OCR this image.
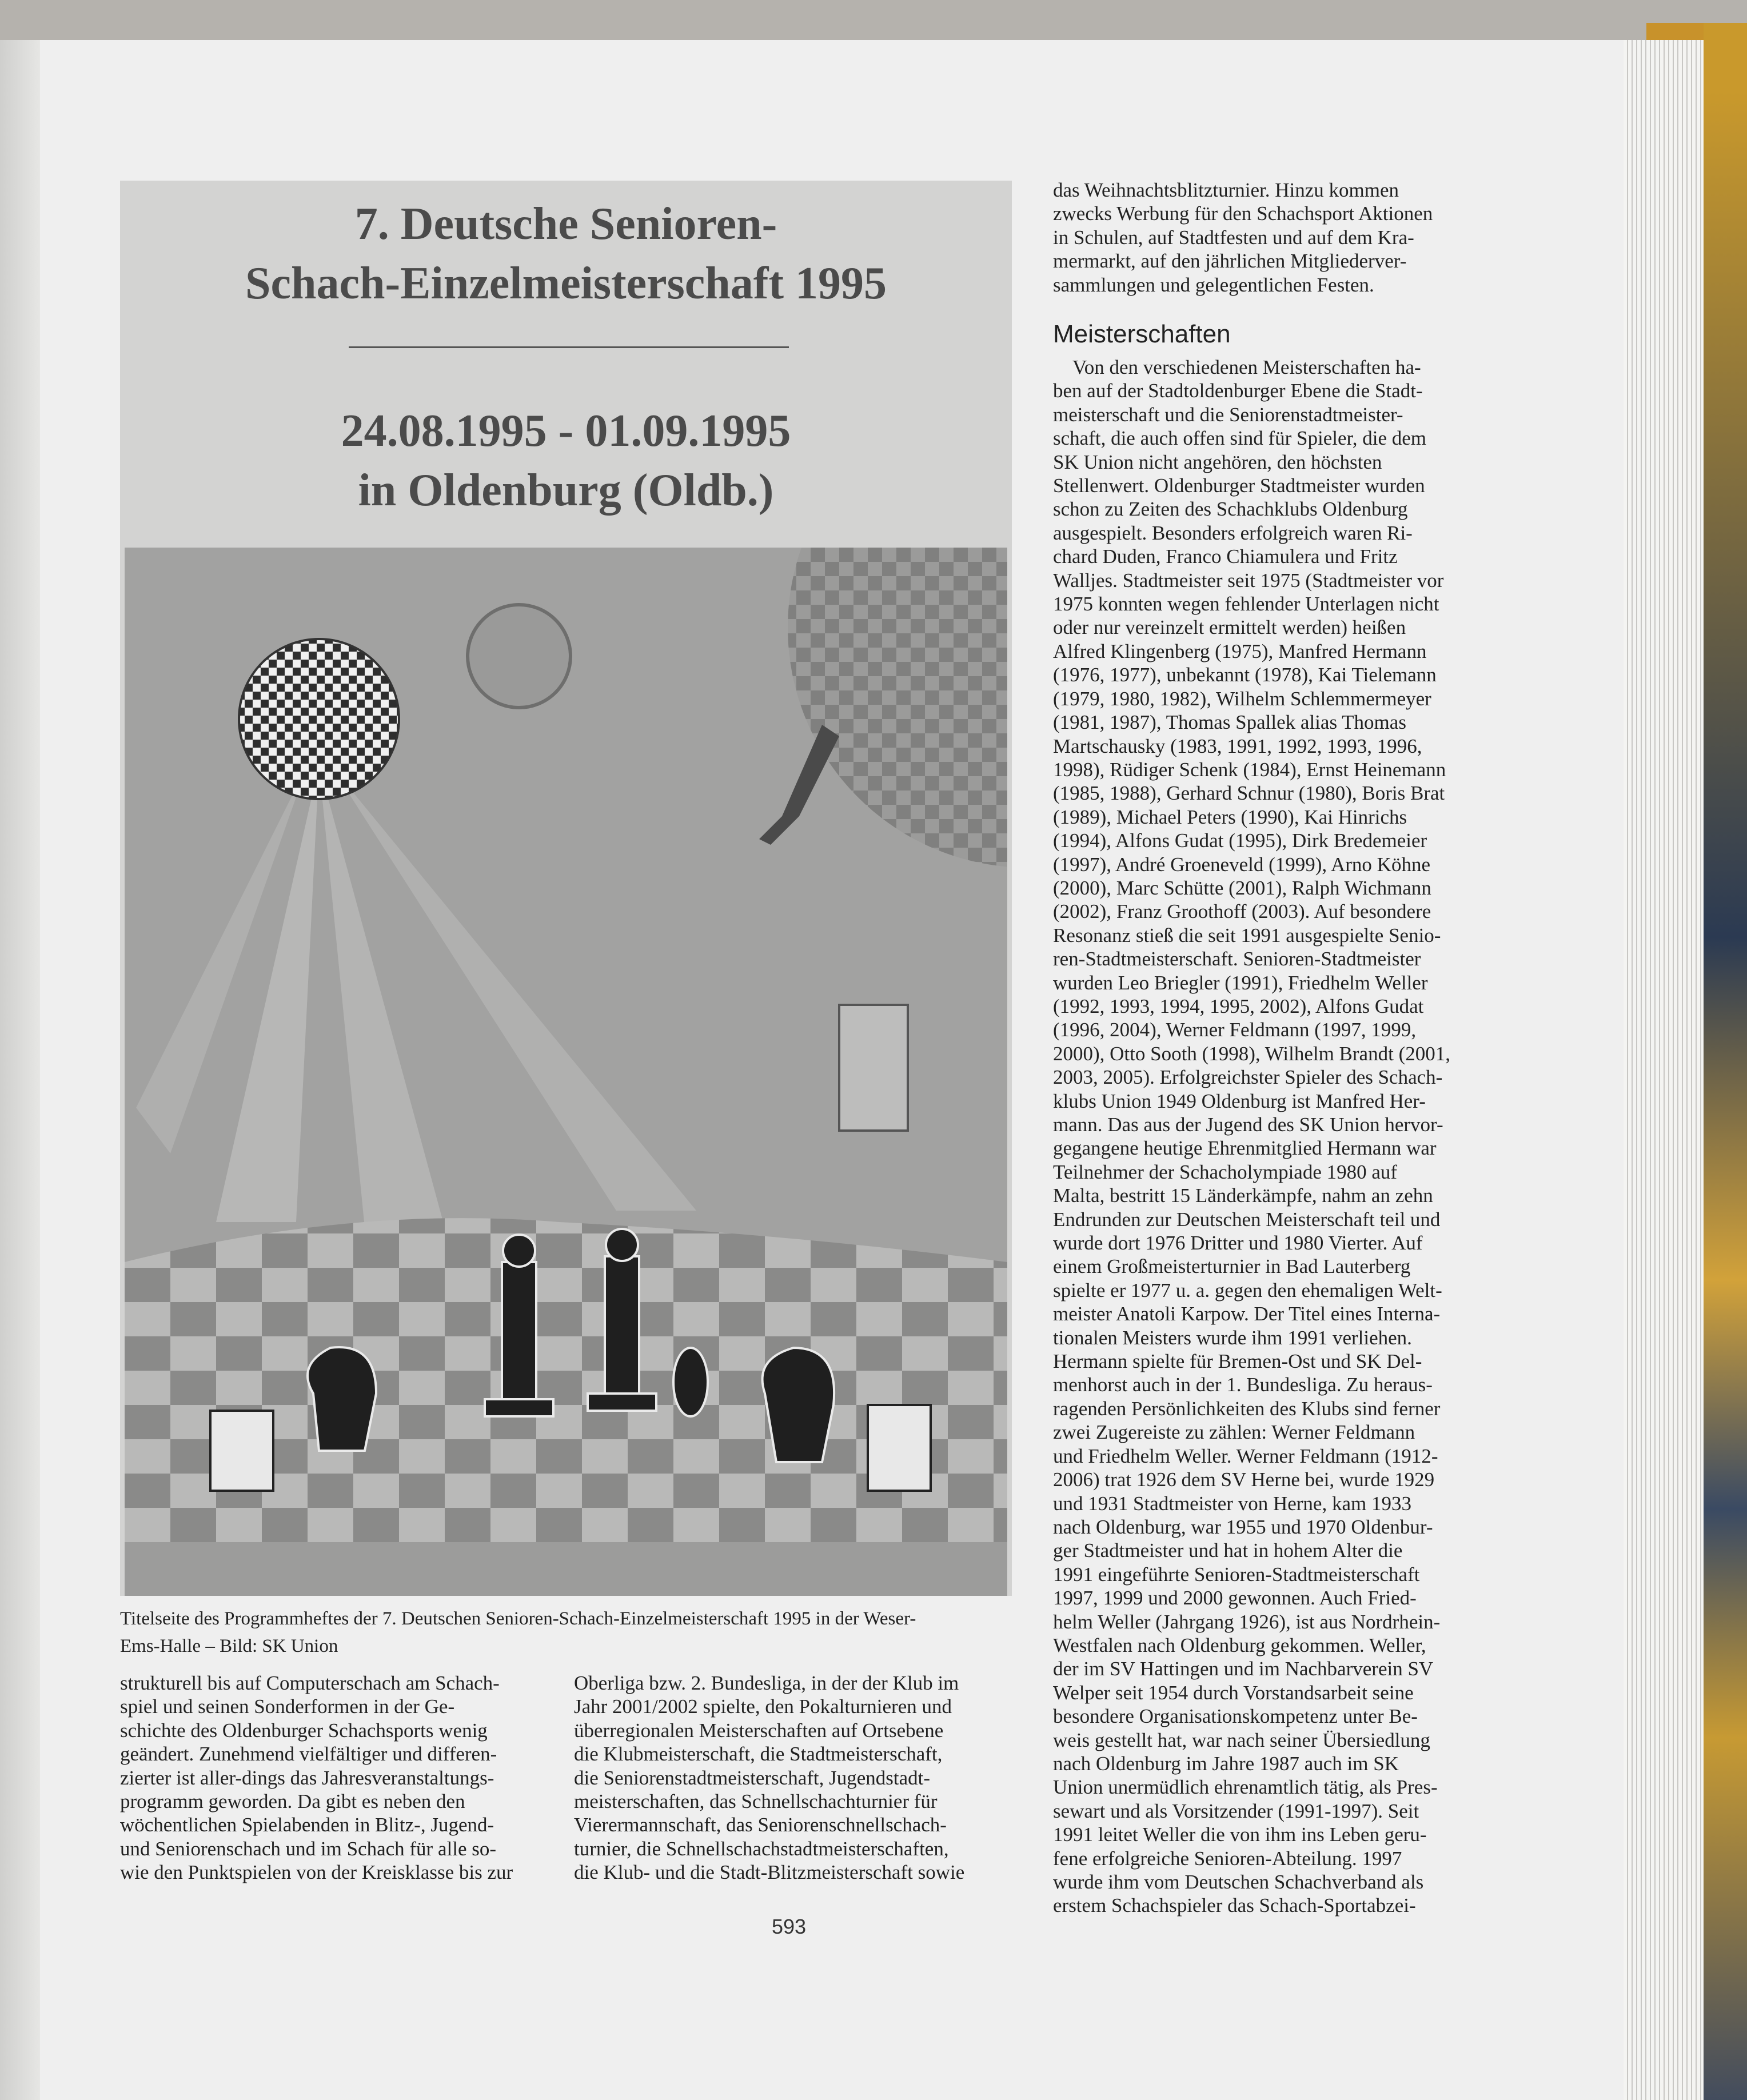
7. Deutsche Senioren-
Schach-Einzelmeisterschaft 1995
24.08.1995 - 01.09.1995
in Oldenburg (Oldb.)
Titelseite des Programmheftes der 7. Deutschen Senioren-Schach-Einzelmeisterschaft 1995 in der Weser-
Ems-Halle – Bild: SK Union
das Weihnachtsblitzturnier. Hinzu kommen
zwecks Werbung für den Schachsport Aktionen
in Schulen, auf Stadtfesten und auf dem Kra-
mermarkt, auf den jährlichen Mitgliederver-
sammlungen und gelegentlichen Festen.
Meisterschaften
Von den verschiedenen Meisterschaften ha-
ben auf der Stadtoldenburger Ebene die Stadt-
meisterschaft und die Seniorenstadtmeister-
schaft, die auch offen sind für Spieler, die dem
SK Union nicht angehören, den höchsten
Stellenwert. Oldenburger Stadtmeister wurden
schon zu Zeiten des Schachklubs Oldenburg
ausgespielt. Besonders erfolgreich waren Ri-
chard Duden, Franco Chiamulera und Fritz
Walljes. Stadtmeister seit 1975 (Stadtmeister vor
1975 konnten wegen fehlender Unterlagen nicht
oder nur vereinzelt ermittelt werden) heißen
Alfred Klingenberg (1975), Manfred Hermann
(1976, 1977), unbekannt (1978), Kai Tielemann
(1979, 1980, 1982), Wilhelm Schlemmermeyer
(1981, 1987), Thomas Spallek alias Thomas
Martschausky (1983, 1991, 1992, 1993, 1996,
1998), Rüdiger Schenk (1984), Ernst Heinemann
(1985, 1988), Gerhard Schnur (1980), Boris Brat
(1989), Michael Peters (1990), Kai Hinrichs
(1994), Alfons Gudat (1995), Dirk Bredemeier
(1997), André Groeneveld (1999), Arno Köhne
(2000), Marc Schütte (2001), Ralph Wichmann
(2002), Franz Groothoff (2003). Auf besondere
Resonanz stieß die seit 1991 ausgespielte Senio-
ren-Stadtmeisterschaft. Senioren-Stadtmeister
wurden Leo Briegler (1991), Friedhelm Weller
(1992, 1993, 1994, 1995, 2002), Alfons Gudat
(1996, 2004), Werner Feldmann (1997, 1999,
2000), Otto Sooth (1998), Wilhelm Brandt (2001,
2003, 2005). Erfolgreichster Spieler des Schach-
klubs Union 1949 Oldenburg ist Manfred Her-
mann. Das aus der Jugend des SK Union hervor-
gegangene heutige Ehrenmitglied Hermann war
Teilnehmer der Schacholympiade 1980 auf
Malta, bestritt 15 Länderkämpfe, nahm an zehn
Endrunden zur Deutschen Meisterschaft teil und
wurde dort 1976 Dritter und 1980 Vierter. Auf
einem Großmeisterturnier in Bad Lauterberg
spielte er 1977 u. a. gegen den ehemaligen Welt-
meister Anatoli Karpow. Der Titel eines Interna-
tionalen Meisters wurde ihm 1991 verliehen.
Hermann spielte für Bremen-Ost und SK Del-
menhorst auch in der 1. Bundesliga. Zu heraus-
ragenden Persönlichkeiten des Klubs sind ferner
zwei Zugereiste zu zählen: Werner Feldmann
und Friedhelm Weller. Werner Feldmann (1912-
2006) trat 1926 dem SV Herne bei, wurde 1929
und 1931 Stadtmeister von Herne, kam 1933
nach Oldenburg, war 1955 und 1970 Oldenbur-
ger Stadtmeister und hat in hohem Alter die
1991 eingeführte Senioren-Stadtmeisterschaft
1997, 1999 und 2000 gewonnen. Auch Fried-
helm Weller (Jahrgang 1926), ist aus Nordrhein-
Westfalen nach Oldenburg gekommen. Weller,
der im SV Hattingen und im Nachbarverein SV
Welper seit 1954 durch Vorstandsarbeit seine
besondere Organisationskompetenz unter Be-
weis gestellt hat, war nach seiner Übersiedlung
nach Oldenburg im Jahre 1987 auch im SK
Union unermüdlich ehrenamtlich tätig, als Pres-
sewart und als Vorsitzender (1991-1997). Seit
1991 leitet Weller die von ihm ins Leben geru-
fene erfolgreiche Senioren-Abteilung. 1997
wurde ihm vom Deutschen Schachverband als
erstem Schachspieler das Schach-Sportabzei-
strukturell bis auf Computerschach am Schach-
spiel und seinen Sonderformen in der Ge-
schichte des Oldenburger Schachsports wenig
geändert. Zunehmend vielfältiger und differen-
zierter ist aller-dings das Jahresveranstaltungs-
programm geworden. Da gibt es neben den
wöchentlichen Spielabenden in Blitz-, Jugend-
und Seniorenschach und im Schach für alle so-
wie den Punktspielen von der Kreisklasse bis zur
Oberliga bzw. 2. Bundesliga, in der der Klub im
Jahr 2001/2002 spielte, den Pokalturnieren und
überregionalen Meisterschaften auf Ortsebene
die Klubmeisterschaft, die Stadtmeisterschaft,
die Seniorenstadtmeisterschaft, Jugendstadt-
meisterschaften, das Schnellschachturnier für
Vierermannschaft, das Seniorenschnellschach-
turnier, die Schnellschachstadtmeisterschaften,
die Klub- und die Stadt-Blitzmeisterschaft sowie
593
